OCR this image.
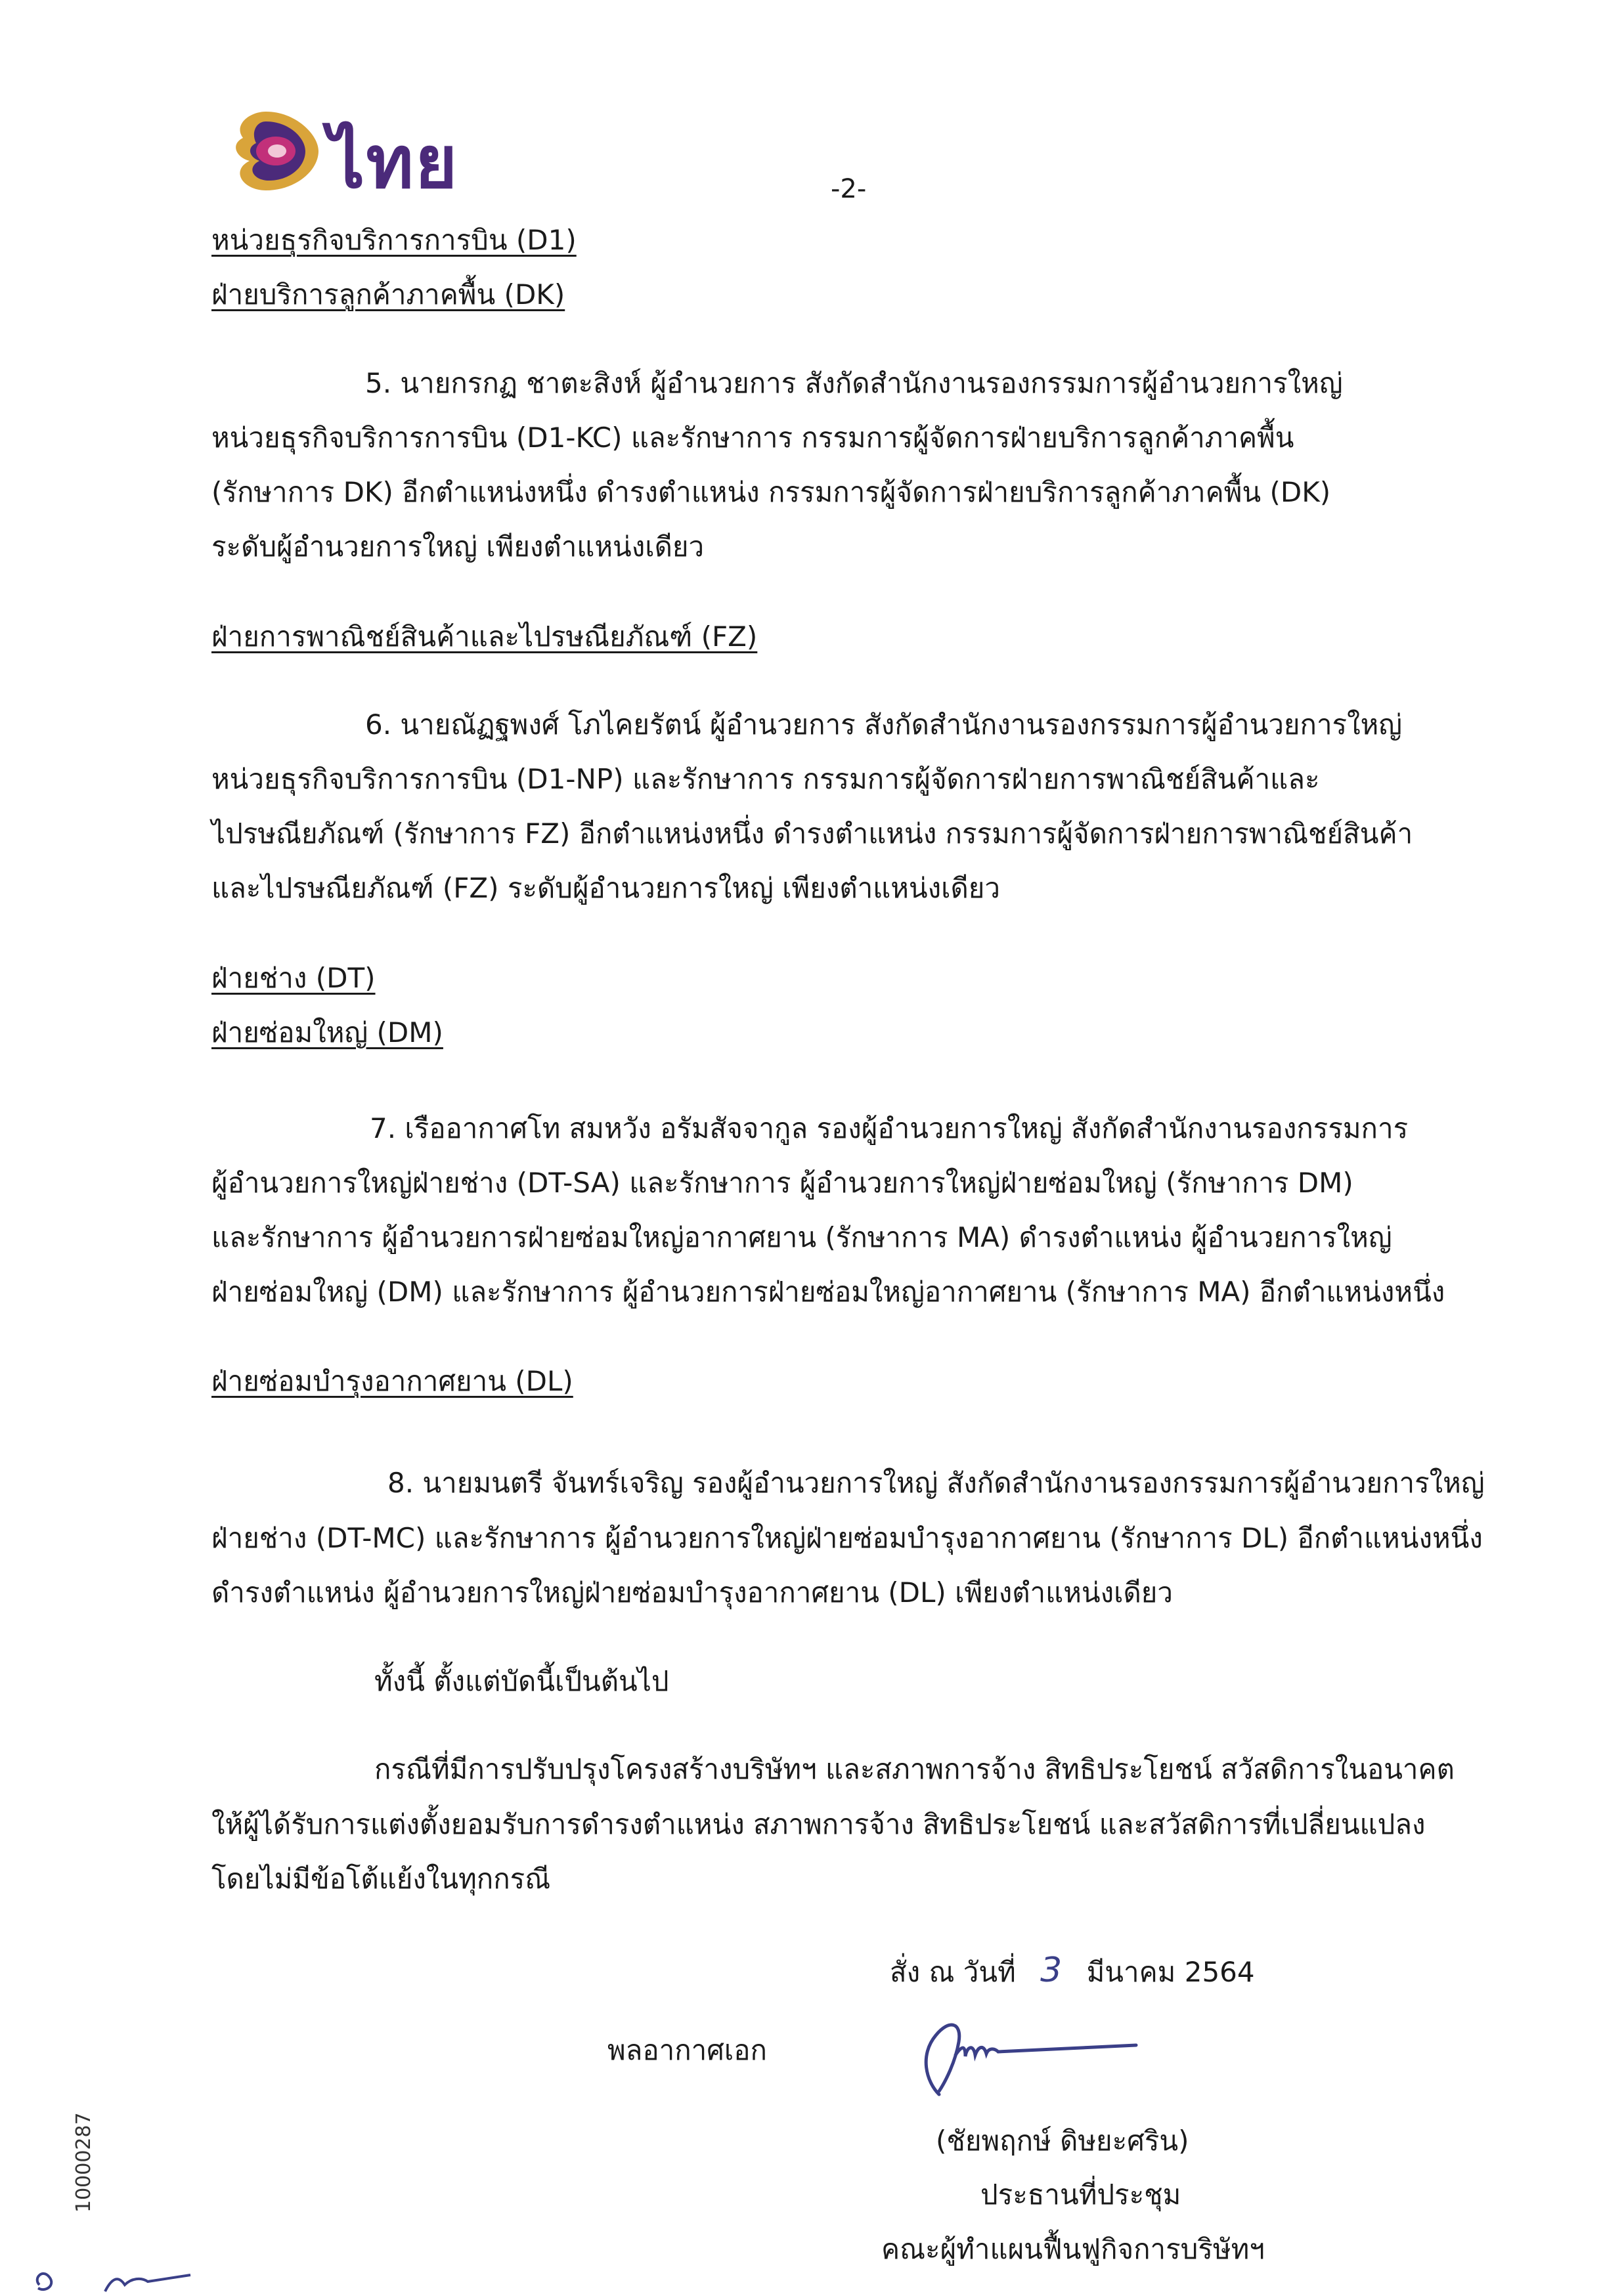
ไทย	-2-
หน่วยธุรกิจบริการการบิน (D1)
ฝ่ายบริการลูกค้าภาคพื้น (DK)
5. นายกรกฏ ชาตะสิงห์ ผู้อำนวยการ สังกัดสำนักงานรองกรรมการผู้อำนวยการใหญ่
หน่วยธุรกิจบริการการบิน (D1-KC) และรักษาการ กรรมการผู้จัดการฝ่ายบริการลูกค้าภาคพื้น
(รักษาการ DK) อีกตำแหน่งหนึ่ง ดำรงตำแหน่ง กรรมการผู้จัดการฝ่ายบริการลูกค้าภาคพื้น (DK)
ระดับผู้อำนวยการใหญ่ เพียงตำแหน่งเดียว
ฝ่ายการพาณิชย์สินค้าและไปรษณียภัณฑ์ (FZ)
6. นายณัฏฐพงศ์ โภไคยรัตน์ ผู้อำนวยการ สังกัดสำนักงานรองกรรมการผู้อำนวยการใหญ่
หน่วยธุรกิจบริการการบิน (D1-NP) และรักษาการ กรรมการผู้จัดการฝ่ายการพาณิชย์สินค้าและ
ไปรษณียภัณฑ์ (รักษาการ FZ) อีกตำแหน่งหนึ่ง ดำรงตำแหน่ง กรรมการผู้จัดการฝ่ายการพาณิชย์สินค้า
และไปรษณียภัณฑ์ (FZ) ระดับผู้อำนวยการใหญ่ เพียงตำแหน่งเดียว
ฝ่ายช่าง (DT)
ฝ่ายซ่อมใหญ่ (DM)
7. เรืออากาศโท สมหวัง อรัมสัจจากูล รองผู้อำนวยการใหญ่ สังกัดสำนักงานรองกรรมการ
ผู้อำนวยการใหญ่ฝ่ายช่าง (DT-SA) และรักษาการ ผู้อำนวยการใหญ่ฝ่ายซ่อมใหญ่ (รักษาการ DM)
และรักษาการ ผู้อำนวยการฝ่ายซ่อมใหญ่อากาศยาน (รักษาการ MA) ดำรงตำแหน่ง ผู้อำนวยการใหญ่
ฝ่ายซ่อมใหญ่ (DM) และรักษาการ ผู้อำนวยการฝ่ายซ่อมใหญ่อากาศยาน (รักษาการ MA) อีกตำแหน่งหนึ่ง
ฝ่ายซ่อมบำรุงอากาศยาน (DL)
8. นายมนตรี จันทร์เจริญ รองผู้อำนวยการใหญ่ สังกัดสำนักงานรองกรรมการผู้อำนวยการใหญ่
ฝ่ายช่าง (DT-MC) และรักษาการ ผู้อำนวยการใหญ่ฝ่ายซ่อมบำรุงอากาศยาน (รักษาการ DL) อีกตำแหน่งหนึ่ง
ดำรงตำแหน่ง ผู้อำนวยการใหญ่ฝ่ายซ่อมบำรุงอากาศยาน (DL) เพียงตำแหน่งเดียว
ทั้งนี้ ตั้งแต่บัดนี้เป็นต้นไป
กรณีที่มีการปรับปรุงโครงสร้างบริษัทฯ และสภาพการจ้าง สิทธิประโยชน์ สวัสดิการในอนาคต
ให้ผู้ได้รับการแต่งตั้งยอมรับการดำรงตำแหน่ง สภาพการจ้าง สิทธิประโยชน์ และสวัสดิการที่เปลี่ยนแปลง
โดยไม่มีข้อโต้แย้งในทุกกรณี
สั่ง ณ วันที่ 3 มีนาคม 2564
พลอากาศเอก
(ชัยพฤกษ์ ดิษยะศริน)
ประธานที่ประชุม
คณะผู้ทำแผนฟื้นฟูกิจการบริษัทฯ
10000287
